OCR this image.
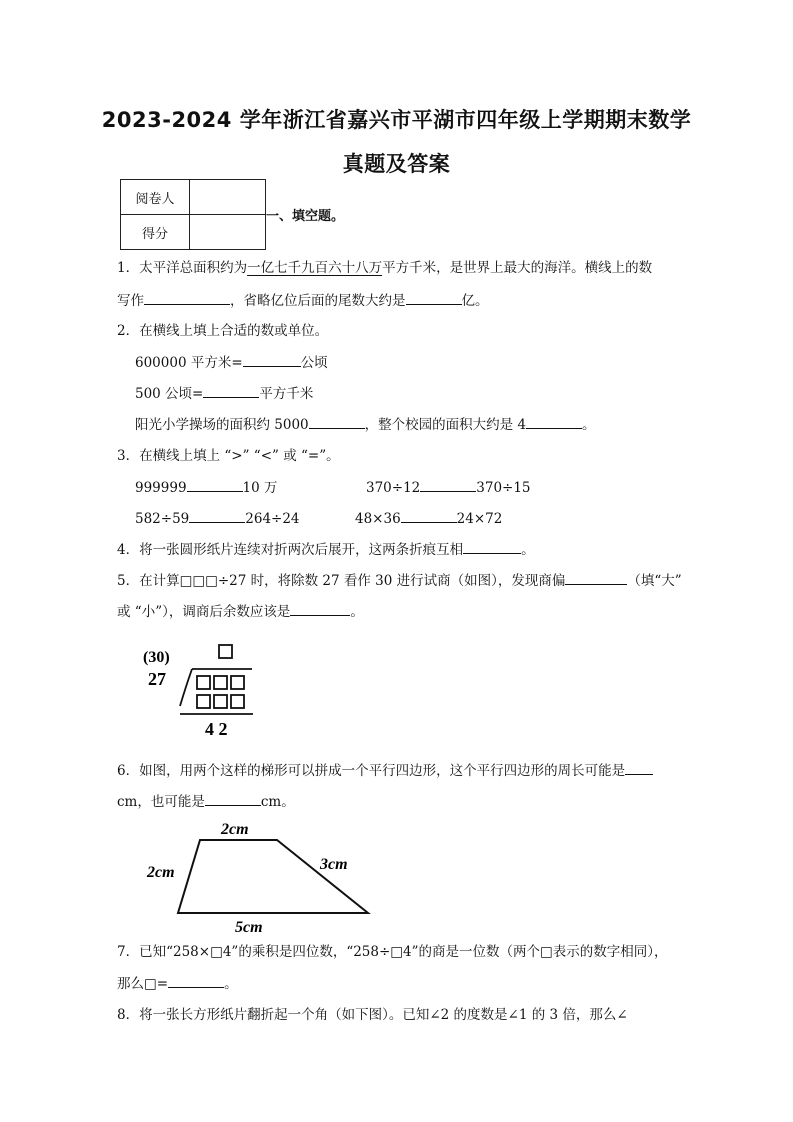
2023-2024 学年浙江省嘉兴市平湖市四年级上学期期末数学
真题及答案
阅卷人	
得分	
一、填空题。
1．太平洋总面积约为一亿七千九百六十八万平方千米，是世界上最大的海洋。横线上的数
写作	，省略亿位后面的尾数大约是	亿。
2．在横线上填上合适的数或单位。
600000 平方米=	公顷
500 公顷=	平方千米
阳光小学操场的面积约 5000	，整个校园的面积大约是 4	。
3．在横线上填上 “>” “<” 或 “=”。
999999	10 万	370÷12	370÷15
582÷59	264÷24	48×36	24×72
4．将一张圆形纸片连续对折两次后展开，这两条折痕互相	。
5．在计算□□□÷27 时，将除数 27 看作 30 进行试商（如图），发现商偏	（填“大”
或 “小”），调商后余数应该是	。
(30)
27
4 2
6．如图，用两个这样的梯形可以拼成一个平行四边形，这个平行四边形的周长可能是
cm，也可能是	cm。
2cm
2cm	3cm
5cm
7．已知“258×□4”的乘积是四位数，“258÷□4”的商是一位数（两个□表示的数字相同），
那么□=	。
8．将一张长方形纸片翻折起一个角（如下图）。已知∠2 的度数是∠1 的 3 倍，那么∠
